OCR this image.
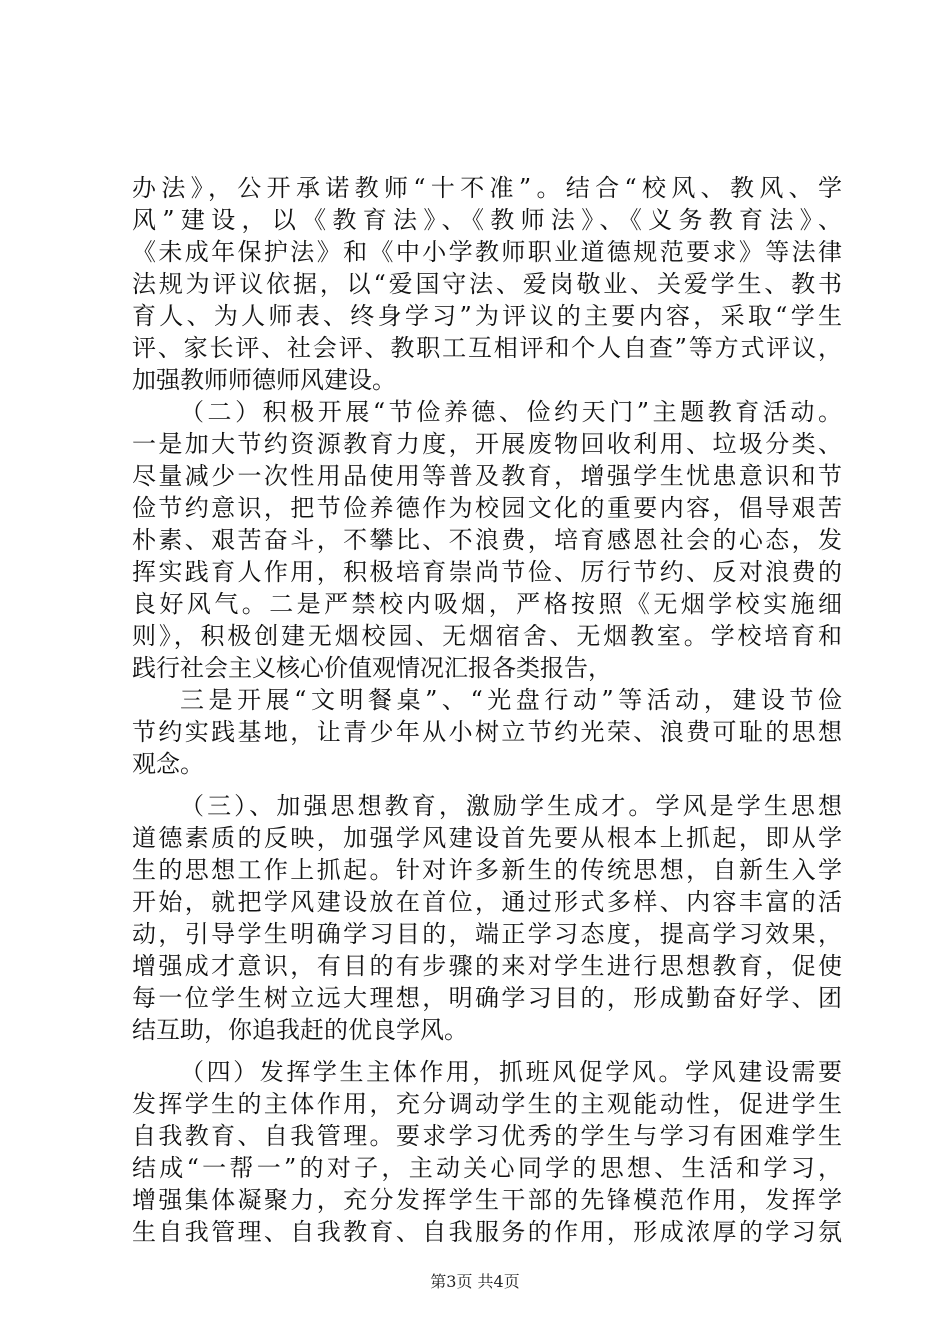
办法》，公开承诺教师“十不准”。结合“校风、教风、学
风”建设，以《教育法》、《教师法》、《义务教育法》、
《未成年保护法》和《中小学教师职业道德规范要求》等法律
法规为评议依据，以“爱国守法、爱岗敬业、关爱学生、教书
育人、为人师表、终身学习”为评议的主要内容，采取“学生
评、家长评、社会评、教职工互相评和个人自查”等方式评议，
加强教师师德师风建设。
（二）积极开展“节俭养德、俭约天门”主题教育活动。
一是加大节约资源教育力度，开展废物回收利用、垃圾分类、
尽量减少一次性用品使用等普及教育，增强学生忧患意识和节
俭节约意识，把节俭养德作为校园文化的重要内容，倡导艰苦
朴素、艰苦奋斗，不攀比、不浪费，培育感恩社会的心态，发
挥实践育人作用，积极培育崇尚节俭、厉行节约、反对浪费的
良好风气。二是严禁校内吸烟，严格按照《无烟学校实施细
则》，积极创建无烟校园、无烟宿舍、无烟教室。学校培育和
践行社会主义核心价值观情况汇报各类报告，
三是开展“文明餐桌”、“光盘行动”等活动，建设节俭
节约实践基地，让青少年从小树立节约光荣、浪费可耻的思想
观念。
（三）、加强思想教育，激励学生成才。学风是学生思想
道德素质的反映，加强学风建设首先要从根本上抓起，即从学
生的思想工作上抓起。针对许多新生的传统思想，自新生入学
开始，就把学风建设放在首位，通过形式多样、内容丰富的活
动，引导学生明确学习目的，端正学习态度，提高学习效果，
增强成才意识，有目的有步骤的来对学生进行思想教育，促使
每一位学生树立远大理想，明确学习目的，形成勤奋好学、团
结互助，你追我赶的优良学风。
（四）发挥学生主体作用，抓班风促学风。学风建设需要
发挥学生的主体作用，充分调动学生的主观能动性，促进学生
自我教育、自我管理。要求学习优秀的学生与学习有困难学生
结成“一帮一”的对子，主动关心同学的思想、生活和学习，
增强集体凝聚力，充分发挥学生干部的先锋模范作用，发挥学
生自我管理、自我教育、自我服务的作用，形成浓厚的学习氛
第3页 共4页
